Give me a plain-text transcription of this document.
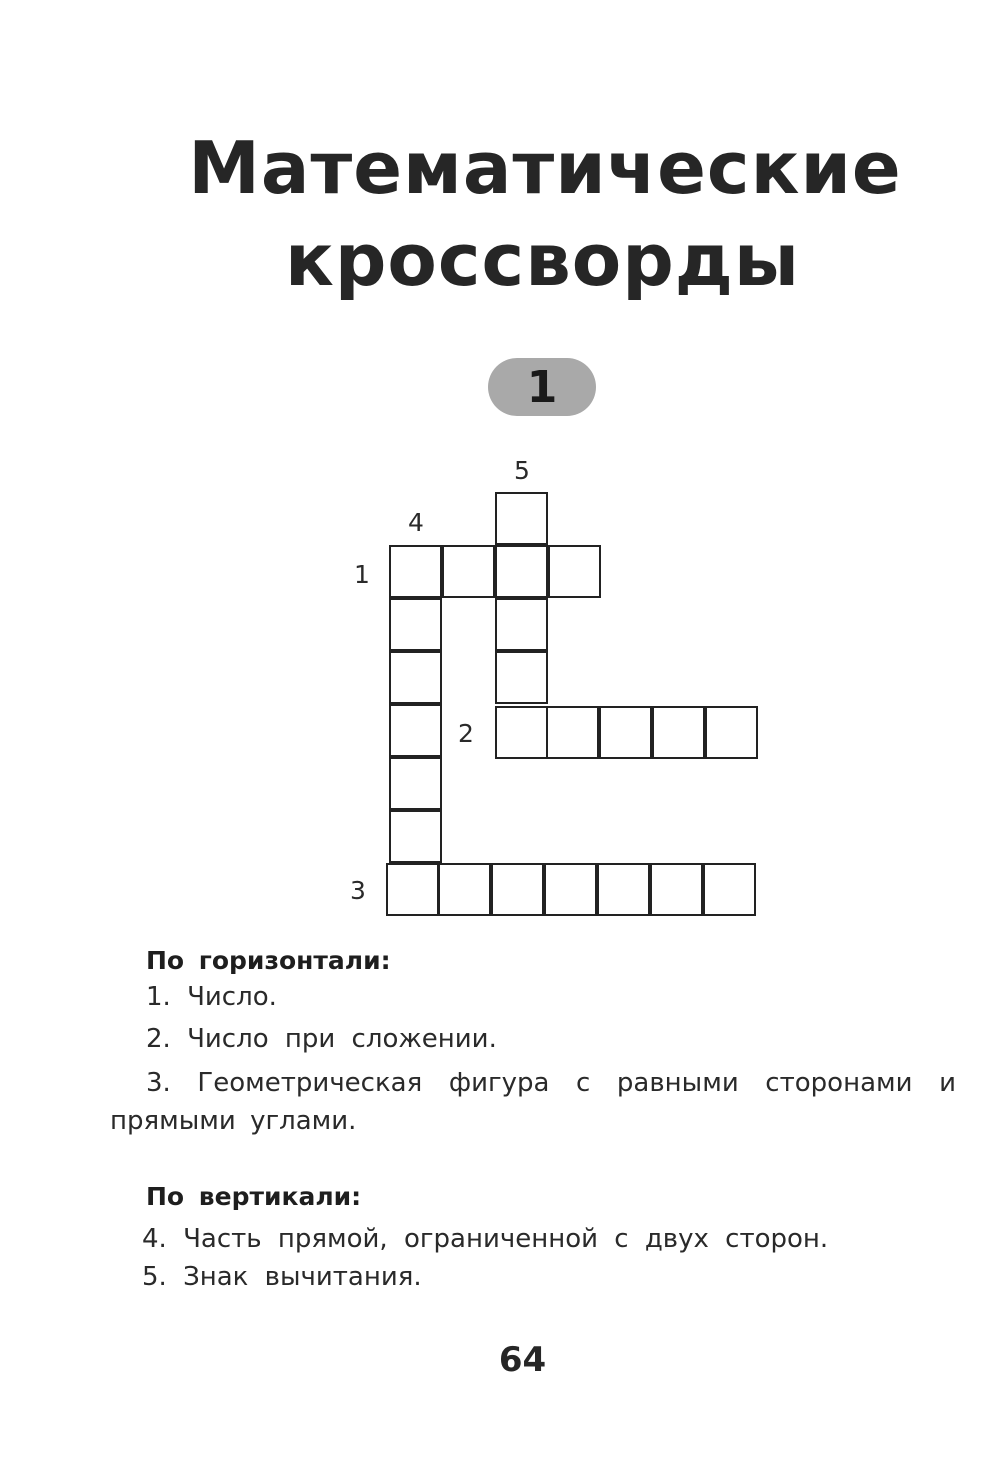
Математические
кроссворды
1
4
5
1
2
3
По горизонтали:
1. Число.
2. Число при сложении.
3. Геометрическая фигура с равными сторонами и прямыми углами.
По вертикали:
4. Часть прямой, ограниченной с двух сторон.
5. Знак вычитания.
64
